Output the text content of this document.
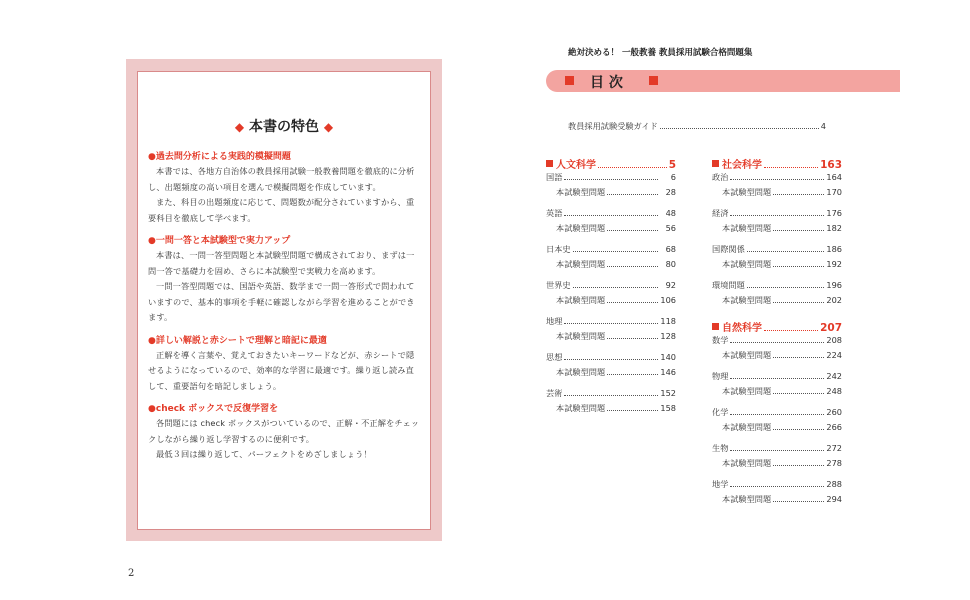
◆ 本書の特色 ◆
●過去問分析による実践的模擬問題

本書では、各地方自治体の教員採用試験一般教養問題を徹底的に分析し、出題頻度の高い項目を選んで模擬問題を作成しています。

また、科目の出題頻度に応じて、問題数が配分されていますから、重要科目を徹底して学べます。

●一問一答と本試験型で実力アップ

本書は、一問一答型問題と本試験型問題で構成されており、まずは一問一答で基礎力を固め、さらに本試験型で実戦力を高めます。

一問一答型問題では、国語や英語、数学まで一問一答形式で問われていますので、基本的事項を手軽に確認しながら学習を進めることができます。

●詳しい解説と赤シートで理解と暗記に最適

正解を導く言葉や、覚えておきたいキーワードなどが、赤シートで隠せるようになっているので、効率的な学習に最適です。繰り返し読み直して、重要語句を暗記しましょう。

●check ボックスで反復学習を

各問題には check ボックスがついているので、正解・不正解をチェックしながら繰り返し学習するのに便利です。

最低３回は繰り返して、パーフェクトをめざしましょう！

2
絶対決める！ 一般教養 教員採用試験合格問題集
目 次
教員採用試験受験ガイド	4
人文科学	5
国語	6
本試験型問題	28
英語	48
本試験型問題	56
日本史	68
本試験型問題	80
世界史	92
本試験型問題	106
地理	118
本試験型問題	128
思想	140
本試験型問題	146
芸術	152
本試験型問題	158
社会科学	163
政治	164
本試験型問題	170
経済	176
本試験型問題	182
国際関係	186
本試験型問題	192
環境問題	196
本試験型問題	202
自然科学	207
数学	208
本試験型問題	224
物理	242
本試験型問題	248
化学	260
本試験型問題	266
生物	272
本試験型問題	278
地学	288
本試験型問題	294
